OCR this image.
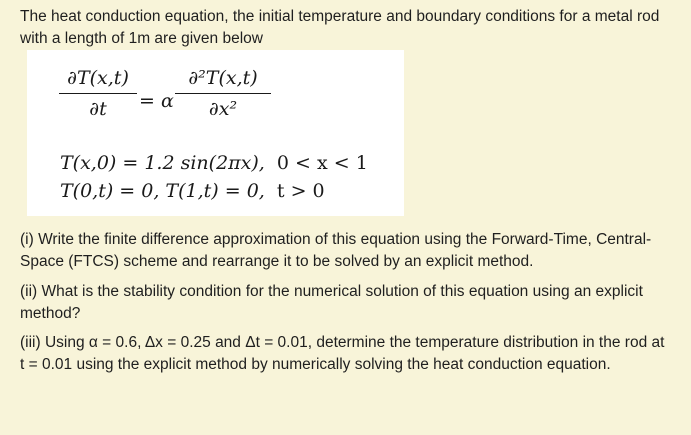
The heat conduction equation, the initial temperature and boundary conditions for a metal rod with a length of 1m are given below
∂T(x,t)
∂t	= α
∂²T(x,t)
∂x²
T(x,0) = 1.2 sin(2πx), 0 < x < 1
T(0,t) = 0, T(1,t) = 0, t > 0
(i) Write the finite difference approximation of this equation using the Forward-Time, Central-Space (FTCS) scheme and rearrange it to be solved by an explicit method.
(ii) What is the stability condition for the numerical solution of this equation using an explicit method?
(iii) Using α = 0.6, Δx = 0.25 and Δt = 0.01, determine the temperature distribution in the rod at t = 0.01 using the explicit method by numerically solving the heat conduction equation.
